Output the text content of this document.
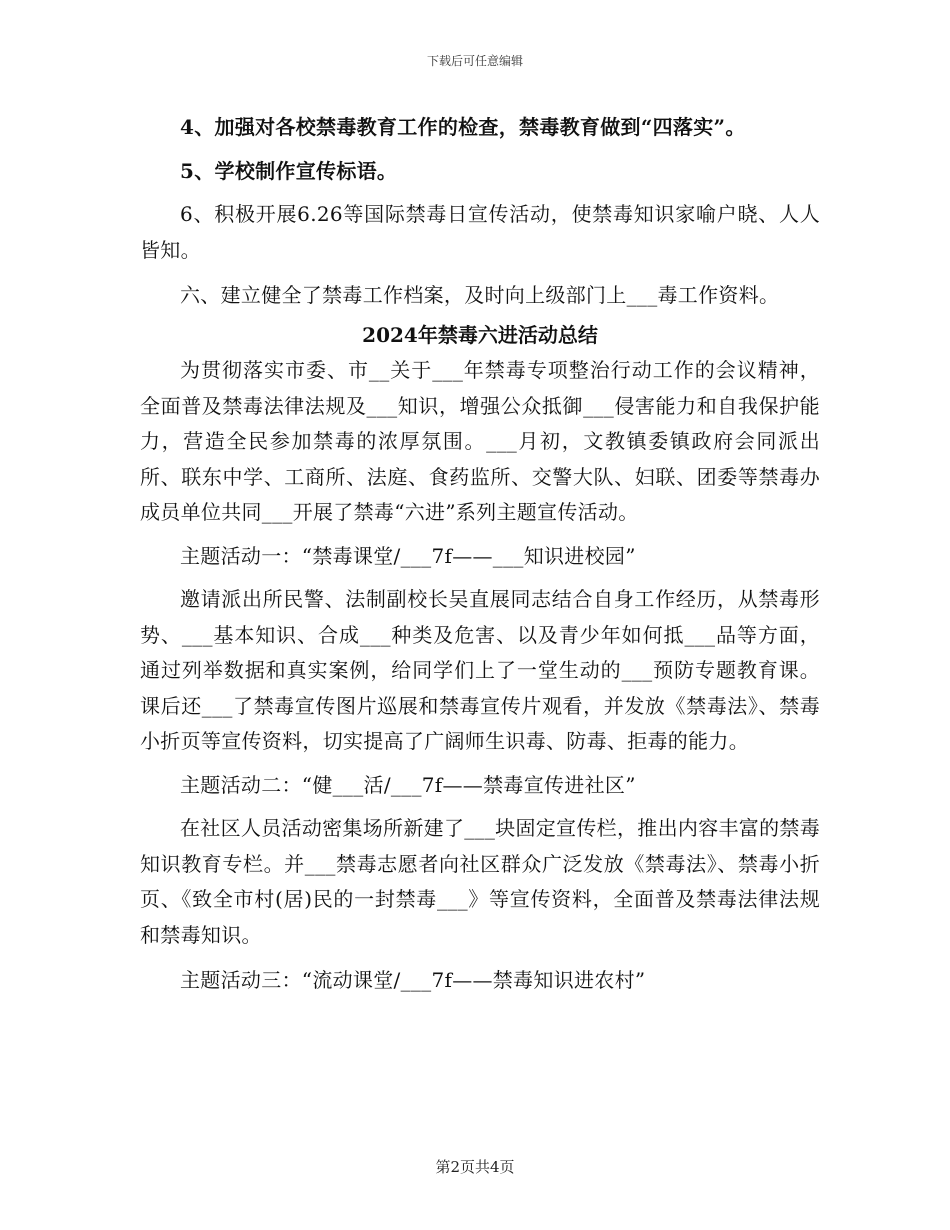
下载后可任意编辑

4、加强对各校禁毒教育工作的检查，禁毒教育做到“四落实”。

5、学校制作宣传标语。

6、积极开展6.26等国际禁毒日宣传活动，使禁毒知识家喻户晓、人人皆知。

六、建立健全了禁毒工作档案，及时向上级部门上___毒工作资料。

2024年禁毒六进活动总结

为贯彻落实市委、市__关于___年禁毒专项整治行动工作的会议精神，全面普及禁毒法律法规及___知识，增强公众抵御___侵害能力和自我保护能力，营造全民参加禁毒的浓厚氛围。___月初，文教镇委镇政府会同派出所、联东中学、工商所、法庭、食药监所、交警大队、妇联、团委等禁毒办成员单位共同___开展了禁毒“六进”系列主题宣传活动。

主题活动一：“禁毒课堂/___7f——___知识进校园”

邀请派出所民警、法制副校长吴直展同志结合自身工作经历，从禁毒形势、___基本知识、合成___种类及危害、以及青少年如何抵___品等方面，通过列举数据和真实案例，给同学们上了一堂生动的___预防专题教育课。课后还___了禁毒宣传图片巡展和禁毒宣传片观看，并发放《禁毒法》、禁毒小折页等宣传资料，切实提高了广阔师生识毒、防毒、拒毒的能力。

主题活动二：“健___活/___7f——禁毒宣传进社区”

在社区人员活动密集场所新建了___块固定宣传栏，推出内容丰富的禁毒知识教育专栏。并___禁毒志愿者向社区群众广泛发放《禁毒法》、禁毒小折页、《致全市村(居)民的一封禁毒___》等宣传资料，全面普及禁毒法律法规和禁毒知识。

主题活动三：“流动课堂/___7f——禁毒知识进农村”

第2页共4页
